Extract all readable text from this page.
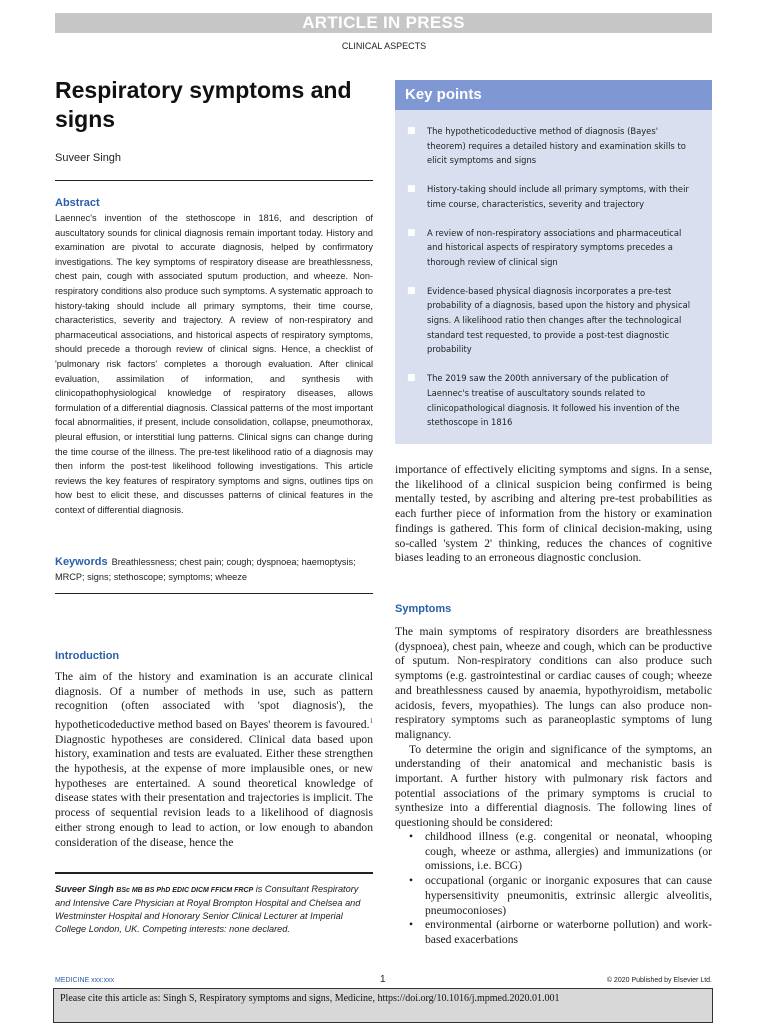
ARTICLE IN PRESS
CLINICAL ASPECTS
Respiratory symptoms and signs
Suveer Singh
Abstract

Laennec's invention of the stethoscope in 1816, and description of auscultatory sounds for clinical diagnosis remain important today. History and examination are pivotal to accurate diagnosis, helped by confirmatory investigations. The key symptoms of respiratory disease are breathlessness, chest pain, cough with associated sputum production, and wheeze. Non-respiratory conditions also produce such symptoms. A systematic approach to history-taking should include all primary symptoms, their time course, characteristics, severity and trajectory. A review of non-respiratory and pharmaceutical associations, and historical aspects of respiratory symptoms, should precede a thorough review of clinical signs. Hence, a checklist of 'pulmonary risk factors' completes a thorough evaluation. After clinical evaluation, assimilation of information, and synthesis with clinicopathophysiological knowledge of respiratory diseases, allows formulation of a differential diagnosis. Classical patterns of the most important focal abnormalities, if present, include consolidation, collapse, pneumothorax, pleural effusion, or interstitial lung patterns. Clinical signs can change during the time course of the illness. The pre-test likelihood ratio of a diagnosis may then inform the post-test likelihood following investigations. This article reviews the key features of respiratory symptoms and signs, outlines tips on how best to elicit these, and discusses patterns of clinical features in the context of differential diagnosis.

Keywords Breathlessness; chest pain; cough; dyspnoea; haemoptysis; MRCP; signs; stethoscope; symptoms; wheeze
Introduction

The aim of the history and examination is an accurate clinical diagnosis. Of a number of methods in use, such as pattern recognition (often associated with 'spot diagnosis'), the hypotheticodeductive method based on Bayes' theorem is favoured.$^1$ Diagnostic hypotheses are considered. Clinical data based upon history, examination and tests are evaluated. Either these strengthen the hypothesis, at the expense of more implausible ones, or new hypotheses are entertained. A sound theoretical knowledge of disease states with their presentation and trajectories is implicit. The process of sequential revision leads to a likelihood of diagnosis either strong enough to lead to action, or low enough to abandon consideration of the disease, hence the

Suveer Singh BSc MB BS PhD EDIC DICM FFICM FRCP is Consultant Respiratory and Intensive Care Physician at Royal Brompton Hospital and Chelsea and Westminster Hospital and Honorary Senior Clinical Lecturer at Imperial College London, UK. Competing interests: none declared.

Key points
■ The hypotheticodeductive method of diagnosis (Bayes' theorem) requires a detailed history and examination skills to elicit symptoms and signs
■ History-taking should include all primary symptoms, with their time course, characteristics, severity and trajectory
■ A review of non-respiratory associations and pharmaceutical and historical aspects of respiratory symptoms precedes a thorough review of clinical sign
■ Evidence-based physical diagnosis incorporates a pre-test probability of a diagnosis, based upon the history and physical signs. A likelihood ratio then changes after the technological standard test requested, to provide a post-test diagnostic probability
■ The 2019 saw the 200th anniversary of the publication of Laennec's treatise of auscultatory sounds related to clinicopathological diagnosis. It followed his invention of the stethoscope in 1816

importance of effectively eliciting symptoms and signs. In a sense, the likelihood of a clinical suspicion being confirmed is being mentally tested, by ascribing and altering pre-test probabilities as each further piece of information from the history or examination findings is gathered. This form of clinical decision-making, using so-called 'system 2' thinking, reduces the chances of cognitive biases leading to an erroneous diagnostic conclusion.

Symptoms

The main symptoms of respiratory disorders are breathlessness (dyspnoea), chest pain, wheeze and cough, which can be productive of sputum. Non-respiratory conditions can also produce such symptoms (e.g. gastrointestinal or cardiac causes of cough; wheeze and breathlessness caused by anaemia, hypothyroidism, metabolic acidosis, fevers, myopathies). The lungs can also produce non-respiratory symptoms such as paraneoplastic symptoms of lung malignancy.

To determine the origin and significance of the symptoms, an understanding of their anatomical and mechanistic basis is important. A further history with pulmonary risk factors and potential associations of the primary symptoms is crucial to synthesize into a differential diagnosis. The following lines of questioning should be considered:

• childhood illness (e.g. congenital or neonatal, whooping cough, wheeze or asthma, allergies) and immunizations (or omissions, i.e. BCG)
• occupational (organic or inorganic exposures that can cause hypersensitivity pneumonitis, extrinsic allergic alveolitis, pneumoconioses)
• environmental (airborne or waterborne pollution) and work-based exacerbations
MEDICINE xxx:xxx	1	© 2020 Published by Elsevier Ltd.
Please cite this article as: Singh S, Respiratory symptoms and signs, Medicine, https://doi.org/10.1016/j.mpmed.2020.01.001
